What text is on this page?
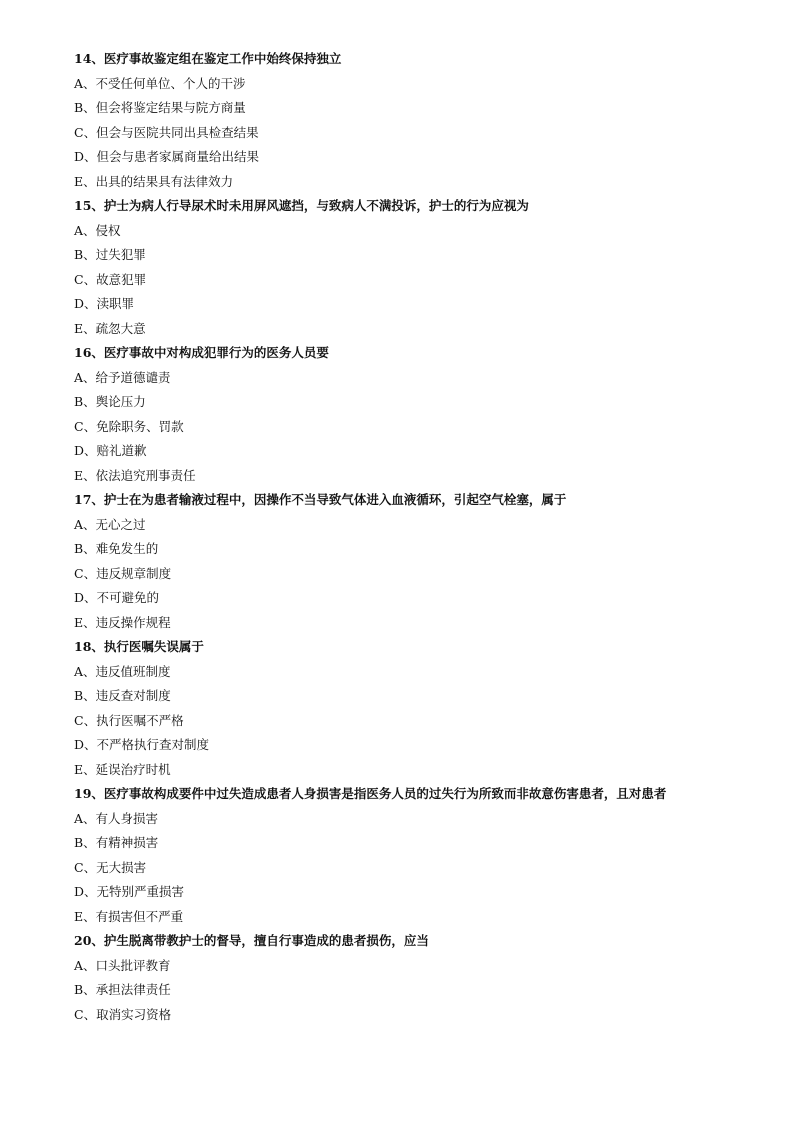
14、医疗事故鉴定组在鉴定工作中始终保持独立
A、不受任何单位、个人的干涉
B、但会将鉴定结果与院方商量
C、但会与医院共同出具检查结果
D、但会与患者家属商量给出结果
E、出具的结果具有法律效力
15、护士为病人行导尿术时未用屏风遮挡，与致病人不满投诉，护士的行为应视为
A、侵权
B、过失犯罪
C、故意犯罪
D、渎职罪
E、疏忽大意
16、医疗事故中对构成犯罪行为的医务人员要
A、给予道德谴责
B、舆论压力
C、免除职务、罚款
D、赔礼道歉
E、依法追究刑事责任
17、护士在为患者输液过程中，因操作不当导致气体进入血液循环，引起空气栓塞，属于
A、无心之过
B、难免发生的
C、违反规章制度
D、不可避免的
E、违反操作规程
18、执行医嘱失误属于
A、违反值班制度
B、违反查对制度
C、执行医嘱不严格
D、不严格执行查对制度
E、延误治疗时机
19、医疗事故构成要件中过失造成患者人身损害是指医务人员的过失行为所致而非故意伤害患者，且对患者
A、有人身损害
B、有精神损害
C、无大损害
D、无特别严重损害
E、有损害但不严重
20、护生脱离带教护士的督导，擅自行事造成的患者损伤，应当
A、口头批评教育
B、承担法律责任
C、取消实习资格
